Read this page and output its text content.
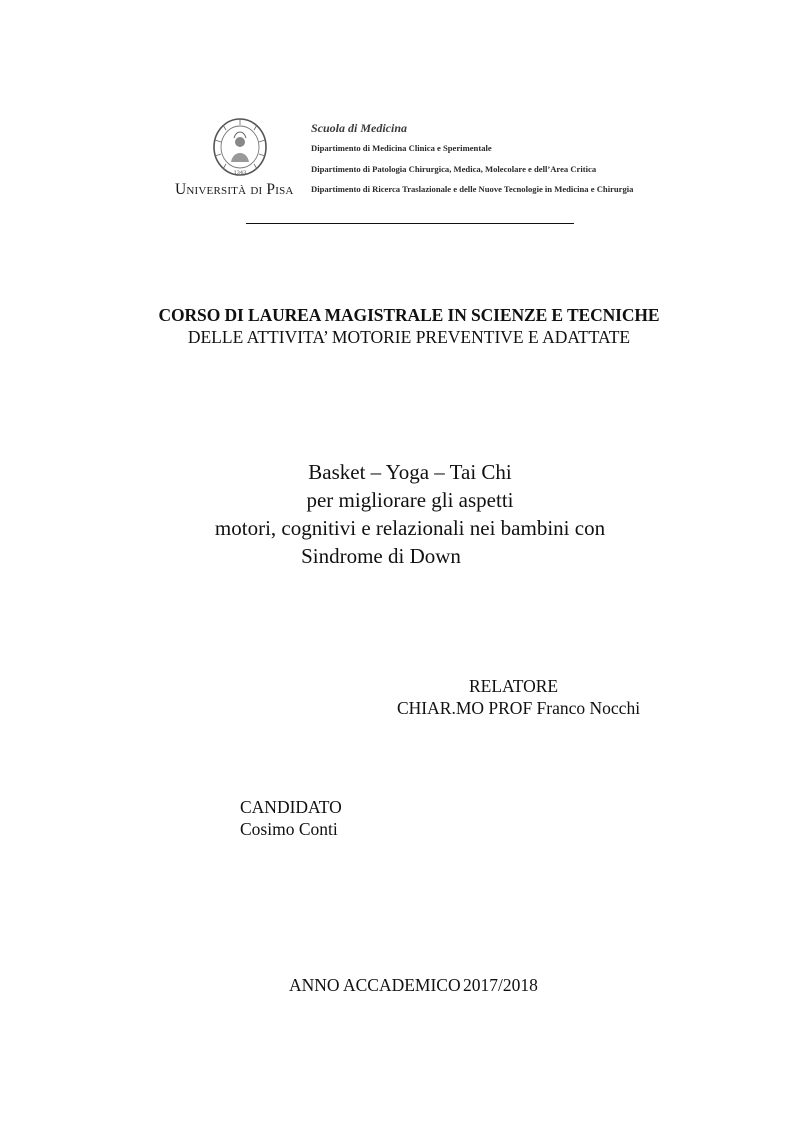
1343
Università di Pisa
Scuola di Medicina
Dipartimento di Medicina Clinica e Sperimentale
Dipartimento di Patologia Chirurgica, Medica, Molecolare e dell’Area Critica
Dipartimento di Ricerca Traslazionale e delle Nuove Tecnologie in Medicina e Chirurgia
CORSO DI LAUREA MAGISTRALE IN SCIENZE E TECNICHE
DELLE ATTIVITA’ MOTORIE PREVENTIVE E ADATTATE
Basket – Yoga – Tai Chi
per migliorare gli aspetti
motori, cognitivi e relazionali nei bambini con
Sindrome di Down
RELATORE
CHIAR.MO PROF Franco Nocchi
CANDIDATO
Cosimo Conti
ANNO ACCADEMICO 2017/2018
